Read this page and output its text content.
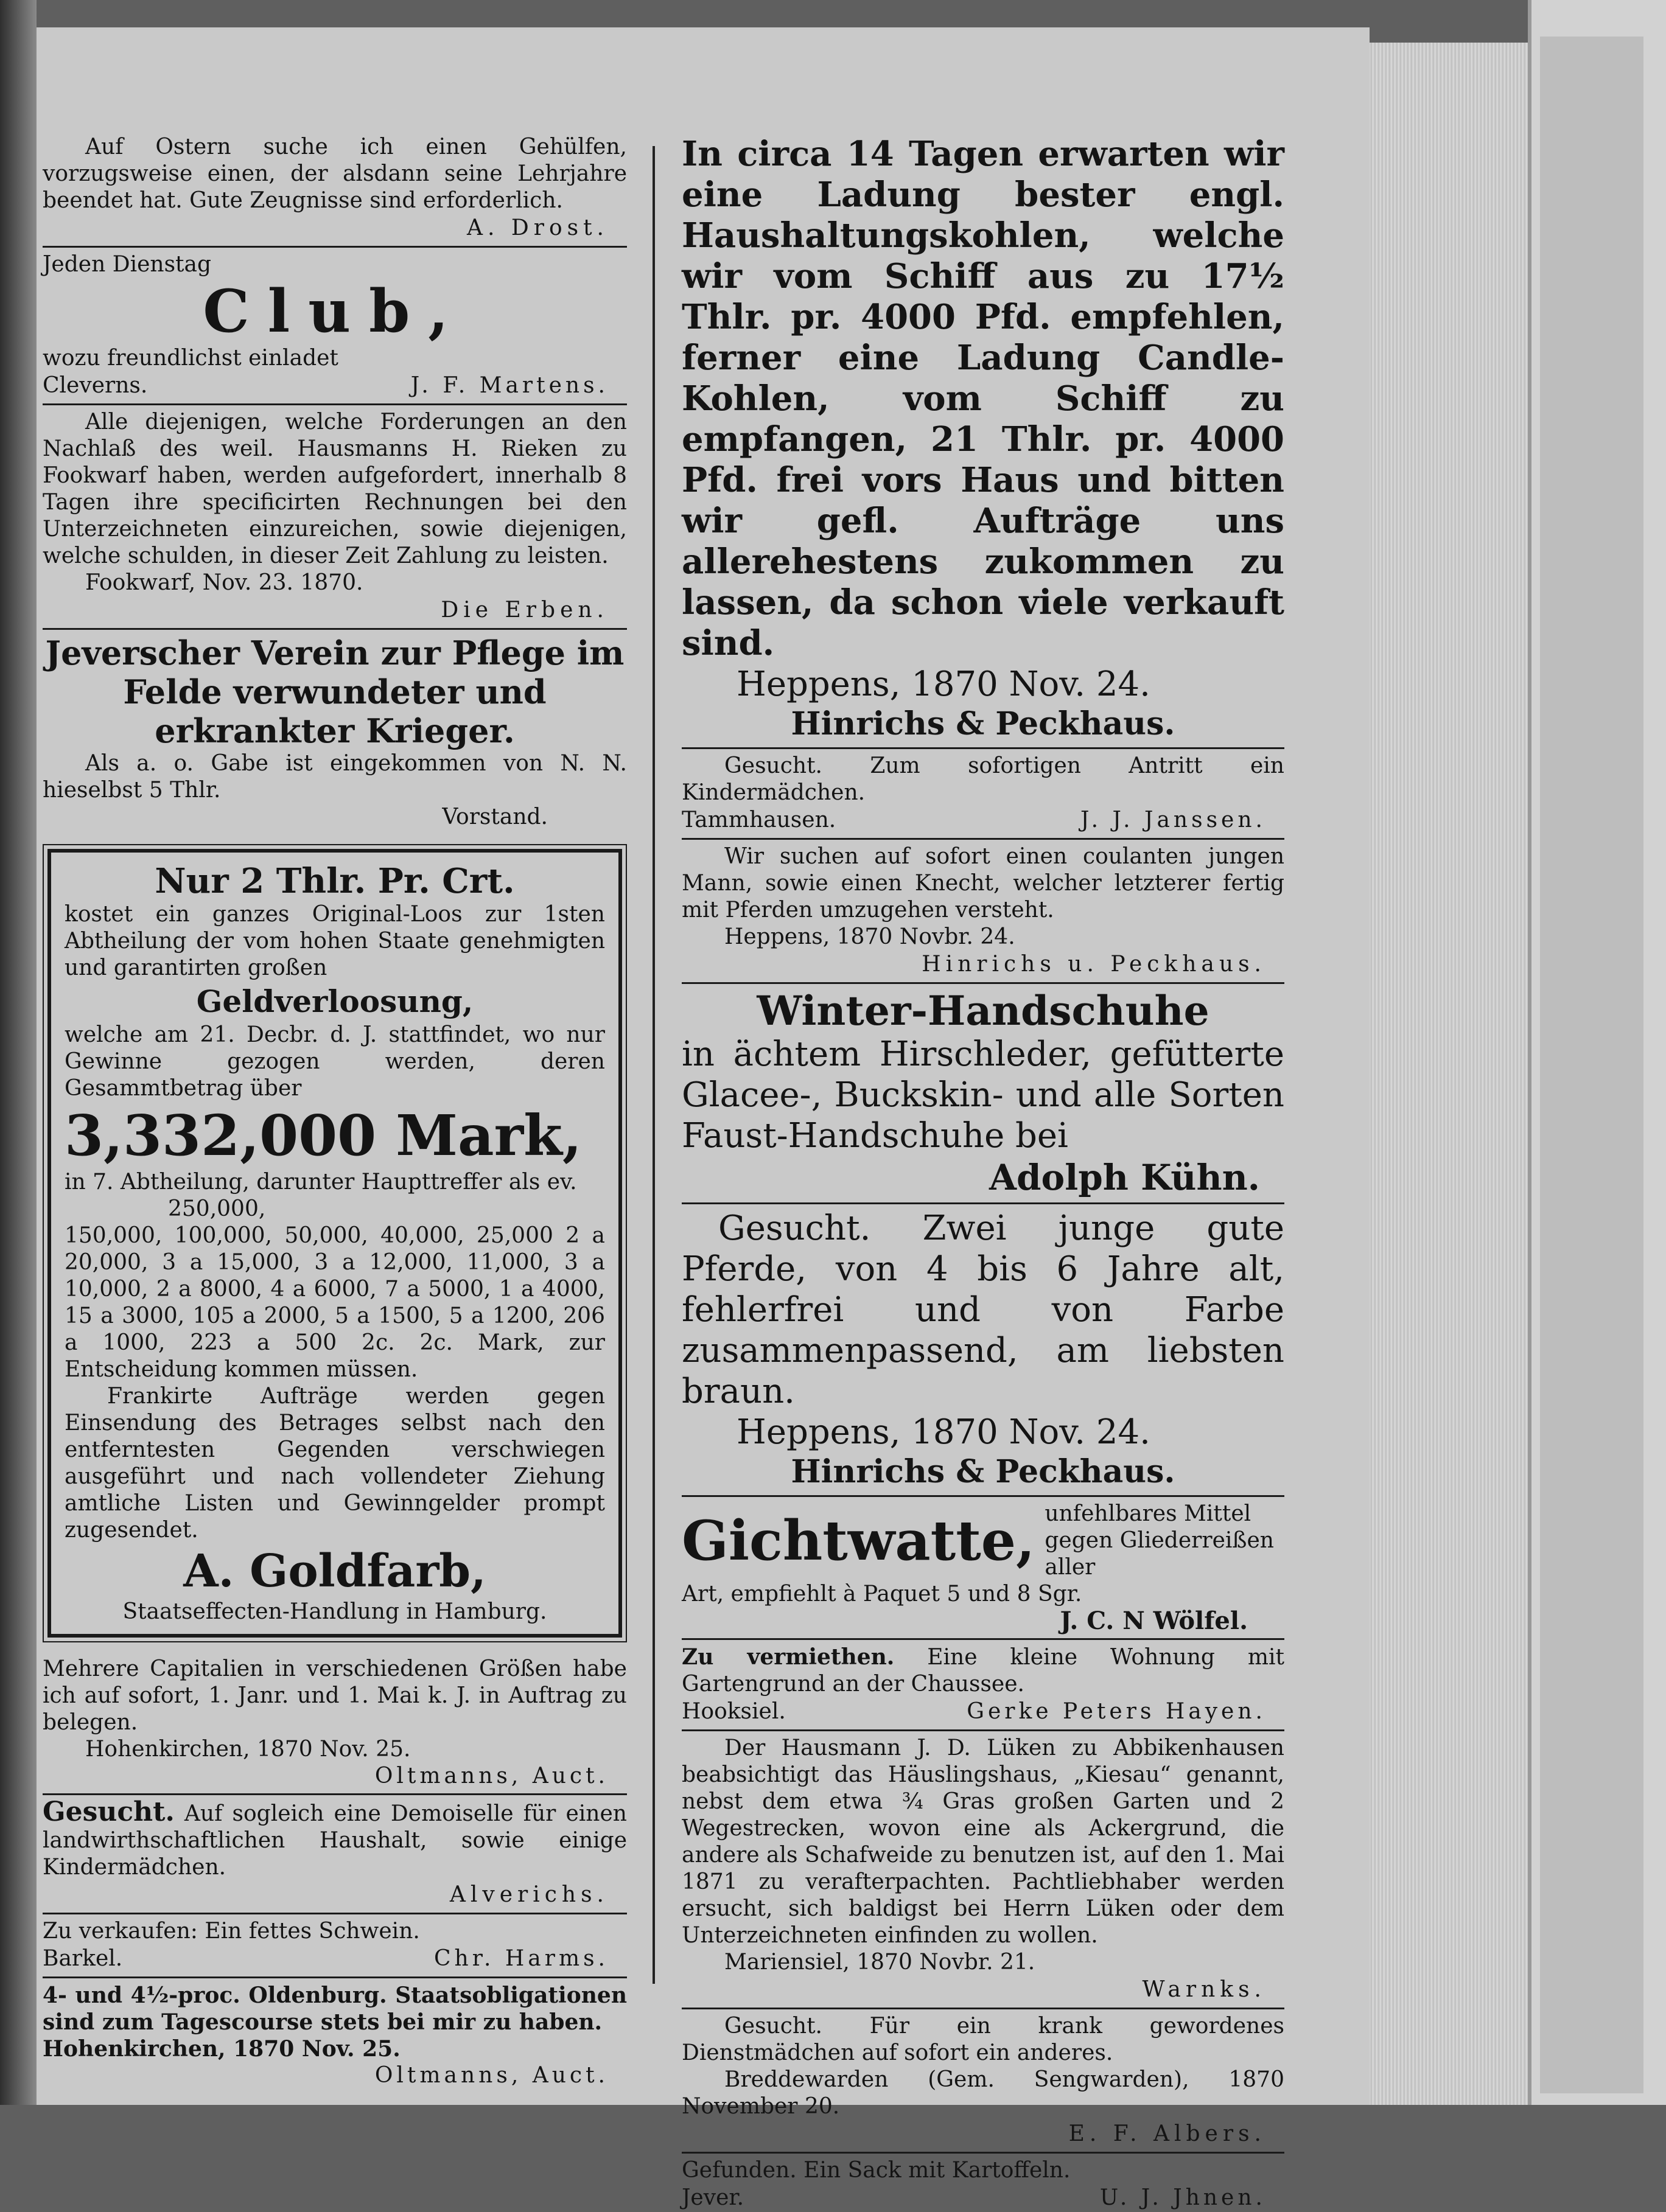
Auf Ostern suche ich einen Gehülfen, vorzugsweise einen, der alsdann seine Lehrjahre beendet hat. Gute Zeugnisse sind erforderlich.

A. Drost.

Jeden Dienstag

Club,

wozu freundlichst einladet

Cleverns.	J. F. Martens.

Alle diejenigen, welche Forderungen an den Nachlaß des weil. Hausmanns H. Rieken zu Fookwarf haben, werden aufgefordert, innerhalb 8 Tagen ihre specificirten Rechnungen bei den Unterzeichneten einzureichen, sowie diejenigen, welche schulden, in dieser Zeit Zahlung zu leisten.

Fookwarf, Nov. 23. 1870.

Die Erben.

Jeverscher Verein zur Pflege im Felde verwundeter und erkrankter Krieger.

Als a. o. Gabe ist eingekommen von N. N. hieselbst 5 Thlr.

Vorstand.

Nur 2 Thlr. Pr. Crt.

kostet ein ganzes Original-Loos zur 1sten Abtheilung der vom hohen Staate genehmigten und garantirten großen

Geldverloosung,

welche am 21. Decbr. d. J. stattfindet, wo nur Gewinne gezogen werden, deren Gesammtbetrag über

3,332,000 Mark,

in 7. Abtheilung, darunter Haupttreffer als ev.

250,000,

150,000, 100,000, 50,000, 40,000, 25,000 2 a 20,000, 3 a 15,000, 3 a 12,000, 11,000, 3 a 10,000, 2 a 8000, 4 a 6000, 7 a 5000, 1 a 4000, 15 a 3000, 105 a 2000, 5 a 1500, 5 a 1200, 206 a 1000, 223 a 500 2c. 2c. Mark, zur Entscheidung kommen müssen.

Frankirte Aufträge werden gegen Einsendung des Betrages selbst nach den entferntesten Gegenden verschwiegen ausgeführt und nach vollendeter Ziehung amtliche Listen und Gewinngelder prompt zugesendet.

A. Goldfarb,

Staatseffecten-Handlung in Hamburg.

Mehrere Capitalien in verschiedenen Größen habe ich auf sofort, 1. Janr. und 1. Mai k. J. in Auftrag zu belegen.

Hohenkirchen, 1870 Nov. 25.

Oltmanns, Auct.

Gesucht. Auf sogleich eine Demoiselle für einen landwirthschaftlichen Haushalt, sowie einige Kindermädchen.

Alverichs.

Zu verkaufen: Ein fettes Schwein.

Barkel.	Chr. Harms.

4- und 4½-proc. Oldenburg. Staatsobligationen sind zum Tagescourse stets bei mir zu haben.

Hohenkirchen, 1870 Nov. 25.

Oltmanns, Auct.

In circa 14 Tagen erwarten wir eine Ladung bester engl. Haushaltungskohlen, welche wir vom Schiff aus zu 17½ Thlr. pr. 4000 Pfd. empfehlen, ferner eine Ladung Candle-Kohlen, vom Schiff zu empfangen, 21 Thlr. pr. 4000 Pfd. frei vors Haus und bitten wir gefl. Aufträge uns allerehestens zukommen zu lassen, da schon viele verkauft sind.

Heppens, 1870 Nov. 24.

Hinrichs & Peckhaus.

Gesucht. Zum sofortigen Antritt ein Kindermädchen.

Tammhausen.	J. J. Janssen.

Wir suchen auf sofort einen coulanten jungen Mann, sowie einen Knecht, welcher letzterer fertig mit Pferden umzugehen versteht.

Heppens, 1870 Novbr. 24.

Hinrichs u. Peckhaus.

Winter-Handschuhe

in ächtem Hirschleder, gefütterte Glacee-, Buckskin- und alle Sorten Faust-Handschuhe bei

Adolph Kühn.

Gesucht. Zwei junge gute Pferde, von 4 bis 6 Jahre alt, fehlerfrei und von Farbe zusammenpassend, am liebsten braun.

Heppens, 1870 Nov. 24.

Hinrichs & Peckhaus.

Gichtwatte, unfehlbares Mittel gegen Gliederreißen aller

Art, empfiehlt à Paquet 5 und 8 Sgr.

J. C. N Wölfel.

Zu vermiethen. Eine kleine Wohnung mit Gartengrund an der Chaussee.

Hooksiel.	Gerke Peters Hayen.

Der Hausmann J. D. Lüken zu Abbikenhausen beabsichtigt das Häuslingshaus, „Kiesau“ genannt, nebst dem etwa ¾ Gras großen Garten und 2 Wegestrecken, wovon eine als Ackergrund, die andere als Schafweide zu benutzen ist, auf den 1. Mai 1871 zu verafterpachten. Pachtliebhaber werden ersucht, sich baldigst bei Herrn Lüken oder dem Unterzeichneten einfinden zu wollen.

Mariensiel, 1870 Novbr. 21.

Warnks.

Gesucht. Für ein krank gewordenes Dienstmädchen auf sofort ein anderes.

Breddewarden (Gem. Sengwarden), 1870 November 20.

E. F. Albers.

Gefunden. Ein Sack mit Kartoffeln.

Jever.	U. J. Jhnen.
